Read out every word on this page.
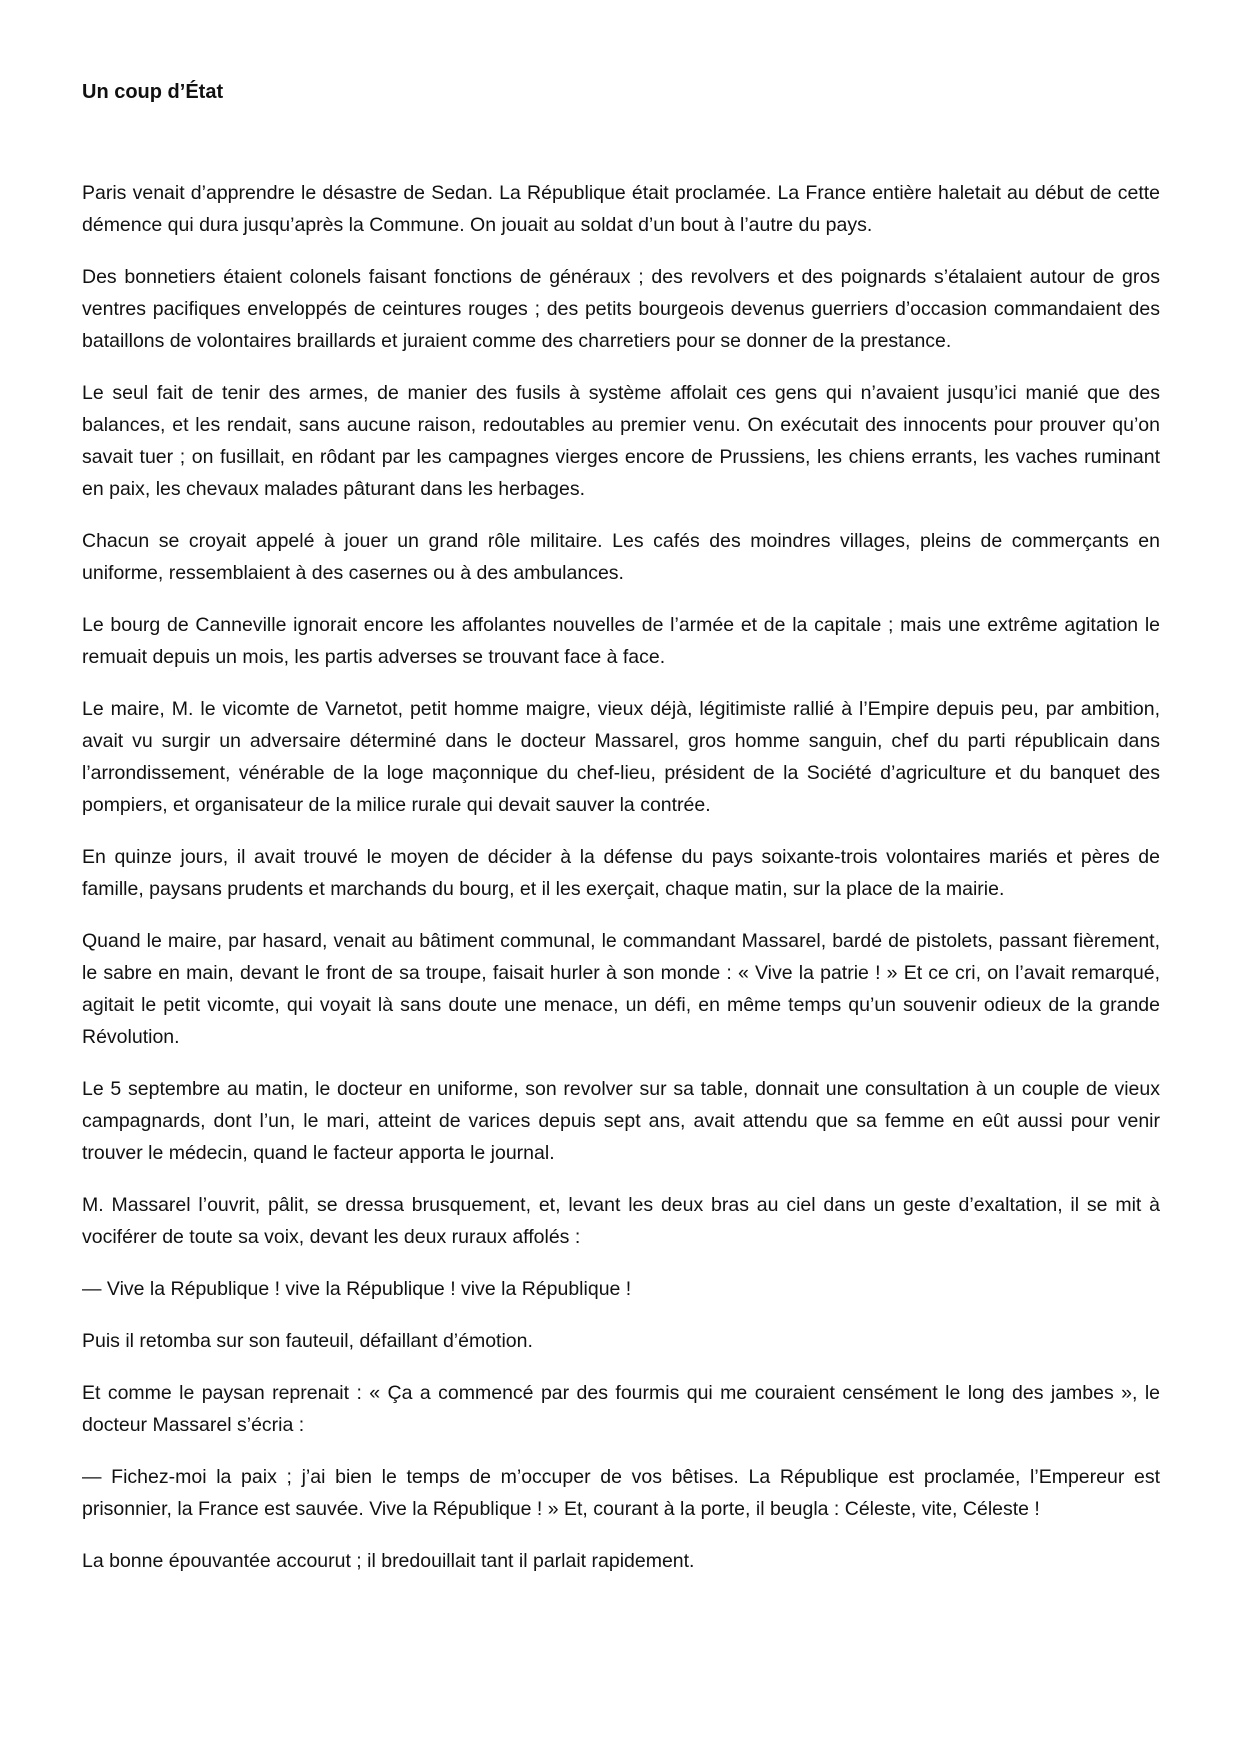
Un coup d’État

Paris venait d’apprendre le désastre de Sedan. La République était proclamée. La France entière haletait au début de cette démence qui dura jusqu’après la Commune. On jouait au soldat d’un bout à l’autre du pays.

Des bonnetiers étaient colonels faisant fonctions de généraux ; des revolvers et des poignards s’étalaient autour de gros ventres pacifiques enveloppés de ceintures rouges ; des petits bourgeois devenus guerriers d’occasion commandaient des bataillons de volontaires braillards et juraient comme des charretiers pour se donner de la prestance.

Le seul fait de tenir des armes, de manier des fusils à système affolait ces gens qui n’avaient jusqu’ici manié que des balances, et les rendait, sans aucune raison, redoutables au premier venu. On exécutait des innocents pour prouver qu’on savait tuer ; on fusillait, en rôdant par les campagnes vierges encore de Prussiens, les chiens errants, les vaches ruminant en paix, les chevaux malades pâturant dans les herbages.

Chacun se croyait appelé à jouer un grand rôle militaire. Les cafés des moindres villages, pleins de commerçants en uniforme, ressemblaient à des casernes ou à des ambulances.

Le bourg de Canneville ignorait encore les affolantes nouvelles de l’armée et de la capitale ; mais une extrême agitation le remuait depuis un mois, les partis adverses se trouvant face à face.

Le maire, M. le vicomte de Varnetot, petit homme maigre, vieux déjà, légitimiste rallié à l’Empire depuis peu, par ambition, avait vu surgir un adversaire déterminé dans le docteur Massarel, gros homme sanguin, chef du parti républicain dans l’arrondissement, vénérable de la loge maçonnique du chef-lieu, président de la Société d’agriculture et du banquet des pompiers, et organisateur de la milice rurale qui devait sauver la contrée.

En quinze jours, il avait trouvé le moyen de décider à la défense du pays soixante-trois volontaires mariés et pères de famille, paysans prudents et marchands du bourg, et il les exerçait, chaque matin, sur la place de la mairie.

Quand le maire, par hasard, venait au bâtiment communal, le commandant Massarel, bardé de pistolets, passant fièrement, le sabre en main, devant le front de sa troupe, faisait hurler à son monde : « Vive la patrie ! » Et ce cri, on l’avait remarqué, agitait le petit vicomte, qui voyait là sans doute une menace, un défi, en même temps qu’un souvenir odieux de la grande Révolution.

Le 5 septembre au matin, le docteur en uniforme, son revolver sur sa table, donnait une consultation à un couple de vieux campagnards, dont l’un, le mari, atteint de varices depuis sept ans, avait attendu que sa femme en eût aussi pour venir trouver le médecin, quand le facteur apporta le journal.

M. Massarel l’ouvrit, pâlit, se dressa brusquement, et, levant les deux bras au ciel dans un geste d’exaltation, il se mit à vociférer de toute sa voix, devant les deux ruraux affolés :

— Vive la République ! vive la République ! vive la République !

Puis il retomba sur son fauteuil, défaillant d’émotion.

Et comme le paysan reprenait : « Ça a commencé par des fourmis qui me couraient censément le long des jambes », le docteur Massarel s’écria :

— Fichez-moi la paix ; j’ai bien le temps de m’occuper de vos bêtises. La République est proclamée, l’Empereur est prisonnier, la France est sauvée. Vive la République ! » Et, courant à la porte, il beugla : Céleste, vite, Céleste !

La bonne épouvantée accourut ; il bredouillait tant il parlait rapidement.
